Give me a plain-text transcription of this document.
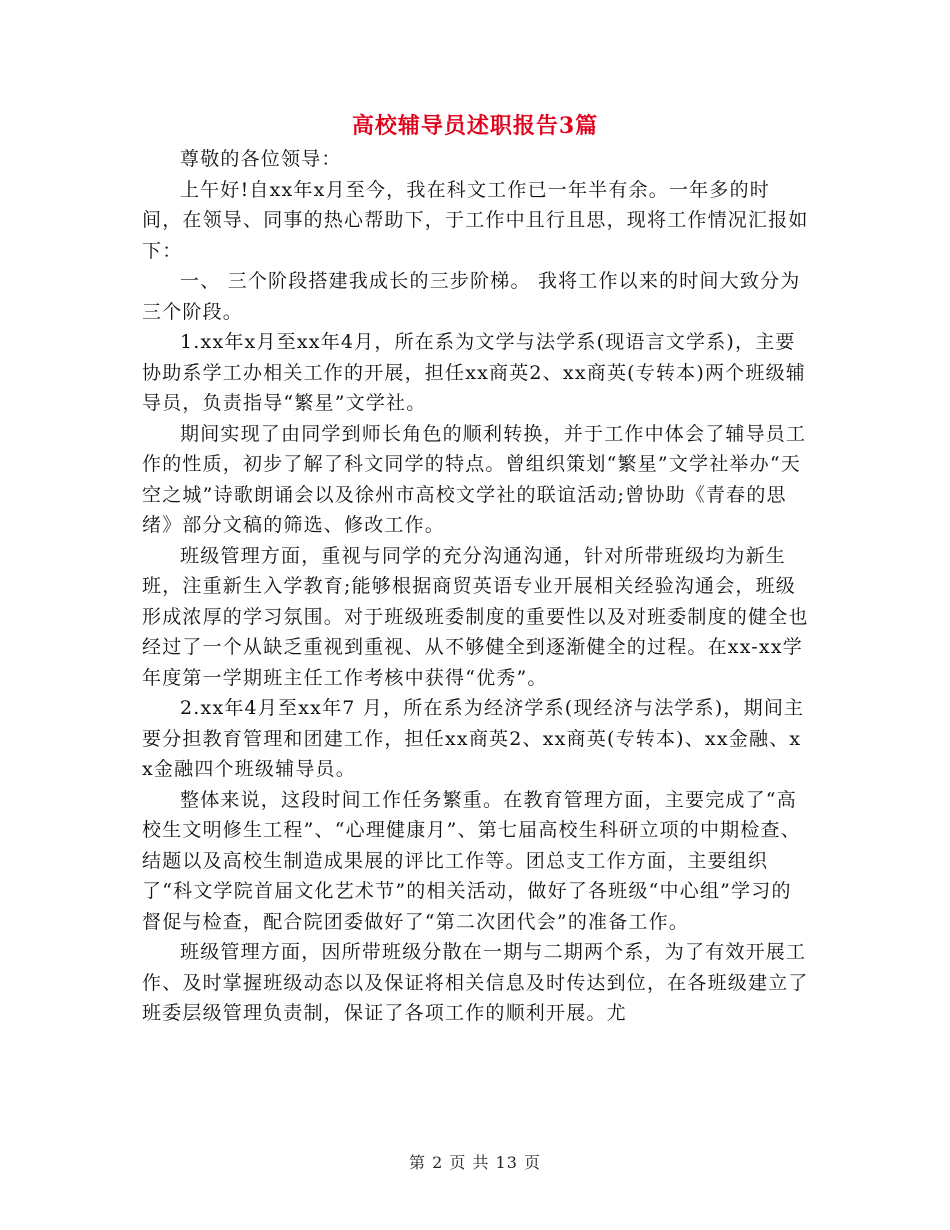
高校辅导员述职报告3篇

尊敬的各位领导：

上午好!自xx年x月至今，我在科文工作已一年半有余。一年多的时间，在领导、同事的热心帮助下，于工作中且行且思，现将工作情况汇报如下：

一、 三个阶段搭建我成长的三步阶梯。 我将工作以来的时间大致分为三个阶段。

1.xx年x月至xx年4月，所在系为文学与法学系(现语言文学系)，主要协助系学工办相关工作的开展，担任xx商英2、xx商英(专转本)两个班级辅导员，负责指导“繁星”文学社。

期间实现了由同学到师长角色的顺利转换，并于工作中体会了辅导员工作的性质，初步了解了科文同学的特点。曾组织策划“繁星”文学社举办“天空之城”诗歌朗诵会以及徐州市高校文学社的联谊活动;曾协助《青春的思绪》部分文稿的筛选、修改工作。

班级管理方面，重视与同学的充分沟通沟通，针对所带班级均为新生班，注重新生入学教育;能够根据商贸英语专业开展相关经验沟通会，班级形成浓厚的学习氛围。对于班级班委制度的重要性以及对班委制度的健全也经过了一个从缺乏重视到重视、从不够健全到逐渐健全的过程。在xx-xx学年度第一学期班主任工作考核中获得“优秀”。

2.xx年4月至xx年7 月，所在系为经济学系(现经济与法学系)，期间主要分担教育管理和团建工作，担任xx商英2、xx商英(专转本)、xx金融、xx金融四个班级辅导员。

整体来说，这段时间工作任务繁重。在教育管理方面，主要完成了“高校生文明修生工程”、“心理健康月”、第七届高校生科研立项的中期检查、结题以及高校生制造成果展的评比工作等。团总支工作方面，主要组织了“科文学院首届文化艺术节”的相关活动，做好了各班级“中心组”学习的督促与检查，配合院团委做好了“第二次团代会”的准备工作。

班级管理方面，因所带班级分散在一期与二期两个系，为了有效开展工作、及时掌握班级动态以及保证将相关信息及时传达到位，在各班级建立了班委层级管理负责制，保证了各项工作的顺利开展。尤

第 2 页 共 13 页
